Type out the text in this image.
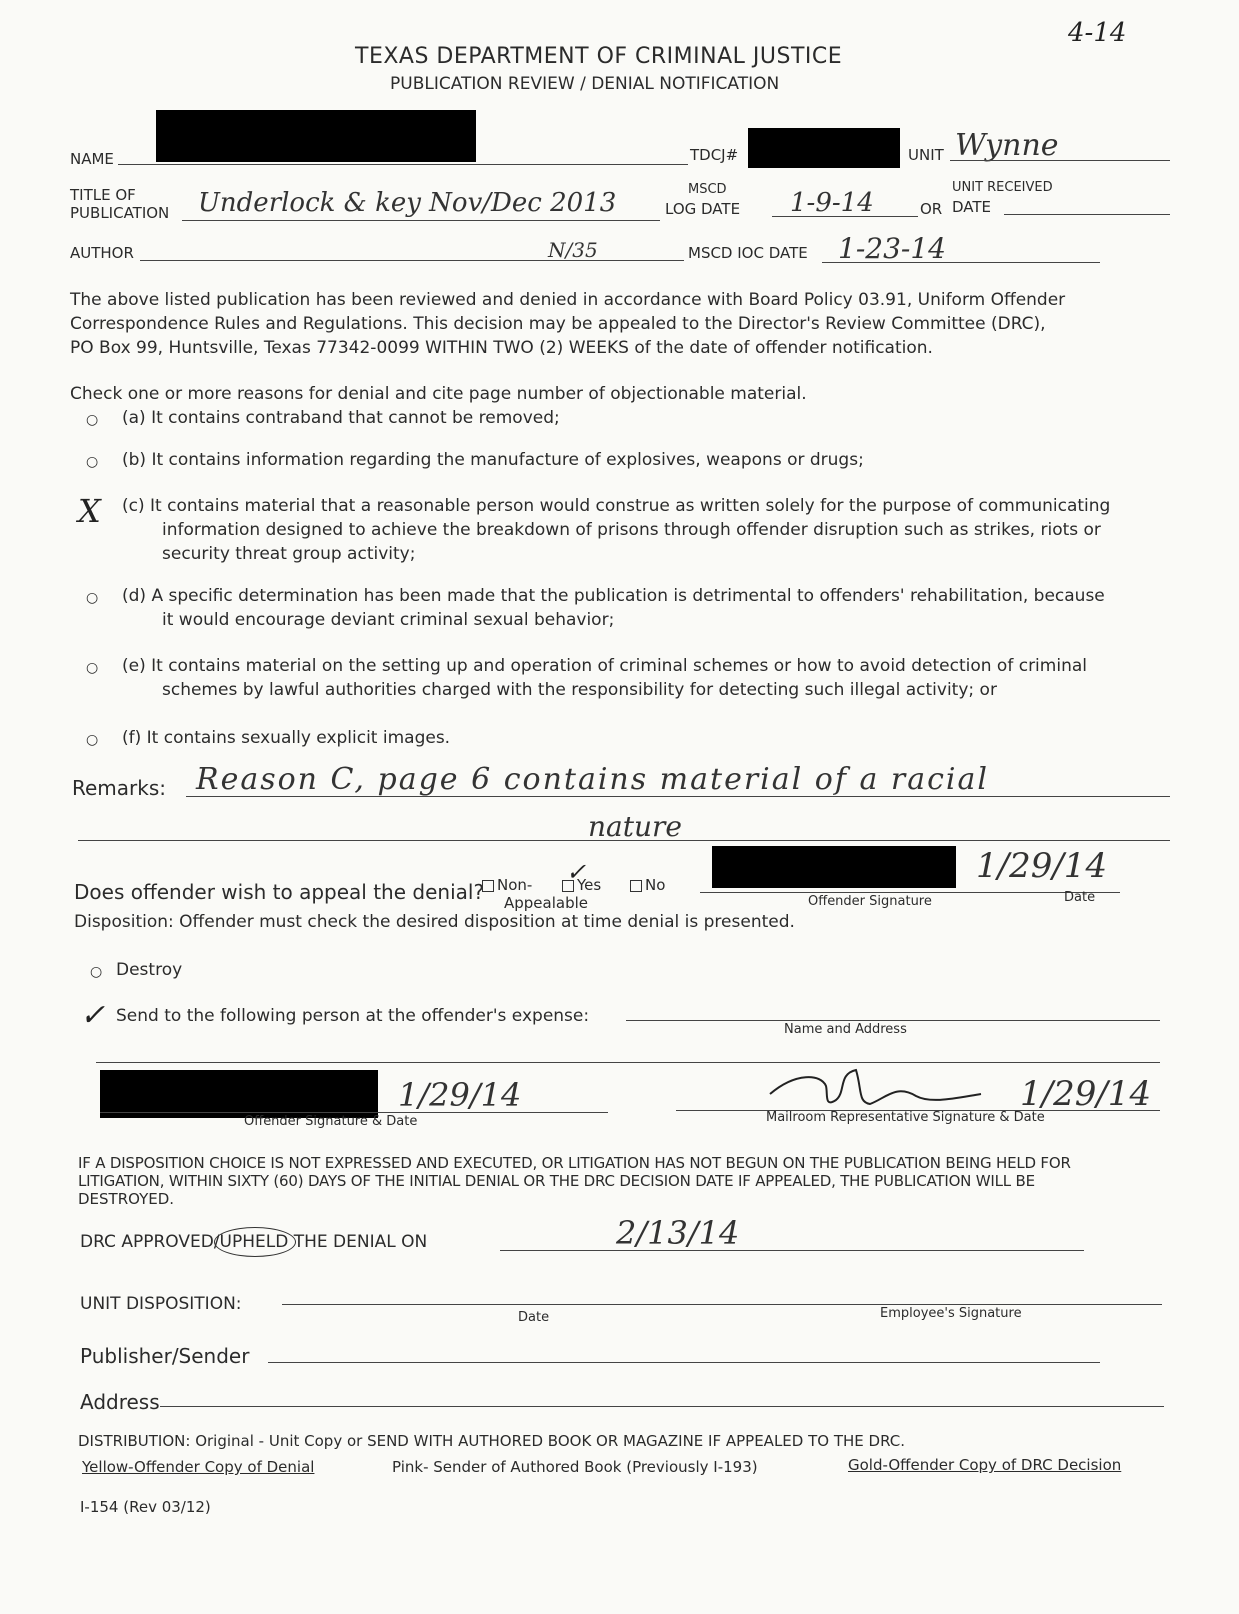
4-14
TEXAS DEPARTMENT OF CRIMINAL JUSTICE
PUBLICATION REVIEW / DENIAL NOTIFICATION
NAME	TDCJ#	UNIT Wynne
TITLE OF
PUBLICATION Underlock & key Nov/Dec 2013	MSCD
LOG DATE 1-9-14	OR
UNIT RECEIVED
DATE
AUTHOR	N/35	MSCD IOC DATE 1-23-14
The above listed publication has been reviewed and denied in accordance with Board Policy 03.91, Uniform Offender
Correspondence Rules and Regulations. This decision may be appealed to the Director's Review Committee (DRC),
PO Box 99, Huntsville, Texas 77342-0099 WITHIN TWO (2) WEEKS of the date of offender notification.
Check one or more reasons for denial and cite page number of objectionable material.
○ (a) It contains contraband that cannot be removed;
○ (b) It contains information regarding the manufacture of explosives, weapons or drugs;
X (c) It contains material that a reasonable person would construe as written solely for the purpose of communicating
information designed to achieve the breakdown of prisons through offender disruption such as strikes, riots or
security threat group activity;
○ (d) A specific determination has been made that the publication is detrimental to offenders' rehabilitation, because
it would encourage deviant criminal sexual behavior;
○ (e) It contains material on the setting up and operation of criminal schemes or how to avoid detection of criminal
schemes by lawful authorities charged with the responsibility for detecting such illegal activity; or
○ (f) It contains sexually explicit images.
Remarks: Reason C, page 6 contains material of a racial
nature
Does offender wish to appeal the denial? Non-
Appealable
Yes
✓	No	1/29/14
Offender Signature	Date
Disposition: Offender must check the desired disposition at time denial is presented.
○ Destroy
✓ Send to the following person at the offender's expense:
Name and Address
1/29/14
Offender Signature & Date
1/29/14
Mailroom Representative Signature & Date
IF A DISPOSITION CHOICE IS NOT EXPRESSED AND EXECUTED, OR LITIGATION HAS NOT BEGUN ON THE PUBLICATION BEING HELD FOR
LITIGATION, WITHIN SIXTY (60) DAYS OF THE INITIAL DENIAL OR THE DRC DECISION DATE IF APPEALED, THE PUBLICATION WILL BE
DESTROYED.
DRC APPROVED/UPHELD
THE DENIAL ON	2/13/14
UNIT DISPOSITION:
Date	Employee's Signature
Publisher/Sender
Address
DISTRIBUTION: Original - Unit Copy or SEND WITH AUTHORED BOOK OR MAGAZINE IF APPEALED TO THE DRC.
Yellow-Offender Copy of Denial	Pink- Sender of Authored Book (Previously I-193)	Gold-Offender Copy of DRC Decision
I-154 (Rev 03/12)
